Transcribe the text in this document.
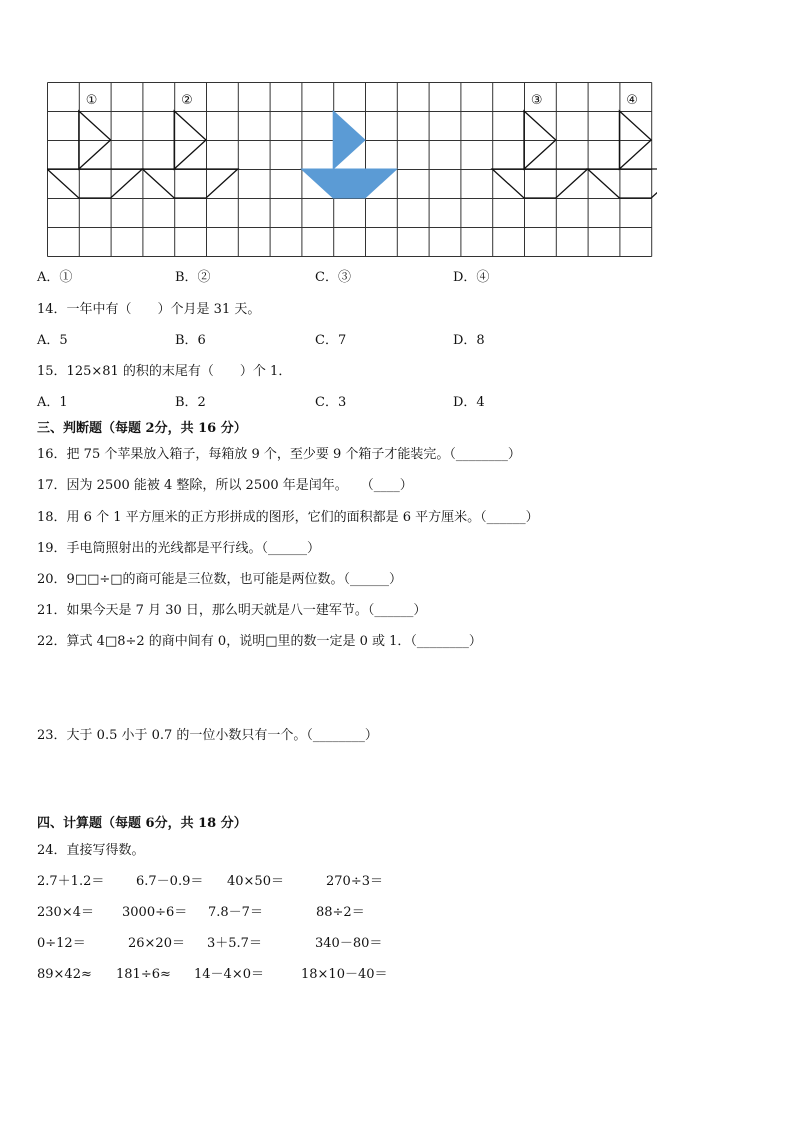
①	②	③	④
A．①	B．②	C．③	D．④
14．一年中有（　　）个月是 31 天。
A．5	B．6	C．7	D．8
15．125×81 的积的末尾有（　　）个 1．
A．1	B．2	C．3	D．4
三、判断题（每题 2分，共 16 分）
16．把 75 个苹果放入箱子，每箱放 9 个，至少要 9 个箱子才能装完。（________）
17．因为 2500 能被 4 整除，所以 2500 年是闰年。　　（____）
18．用 6 个 1 平方厘米的正方形拼成的图形，它们的面积都是 6 平方厘米。（______）
19．手电筒照射出的光线都是平行线。（______）
20．9□□÷□的商可能是三位数，也可能是两位数。（______）
21．如果今天是 7 月 30 日，那么明天就是八一建军节。（______）
22．算式 4□8÷2 的商中间有 0，说明□里的数一定是 0 或 1．（________）
23．大于 0.5 小于 0.7 的一位小数只有一个。（________）
四、计算题（每题 6分，共 18 分）
24．直接写得数。
2.7＋1.2＝ 6.7－0.9＝ 40×50＝	270÷3＝
230×4＝ 3000÷6＝ 7.8－7＝	88÷2＝
0÷12＝	26×20＝ 3＋5.7＝	340－80＝
89×42≈ 181÷6≈ 14－4×0＝	18×10－40＝
